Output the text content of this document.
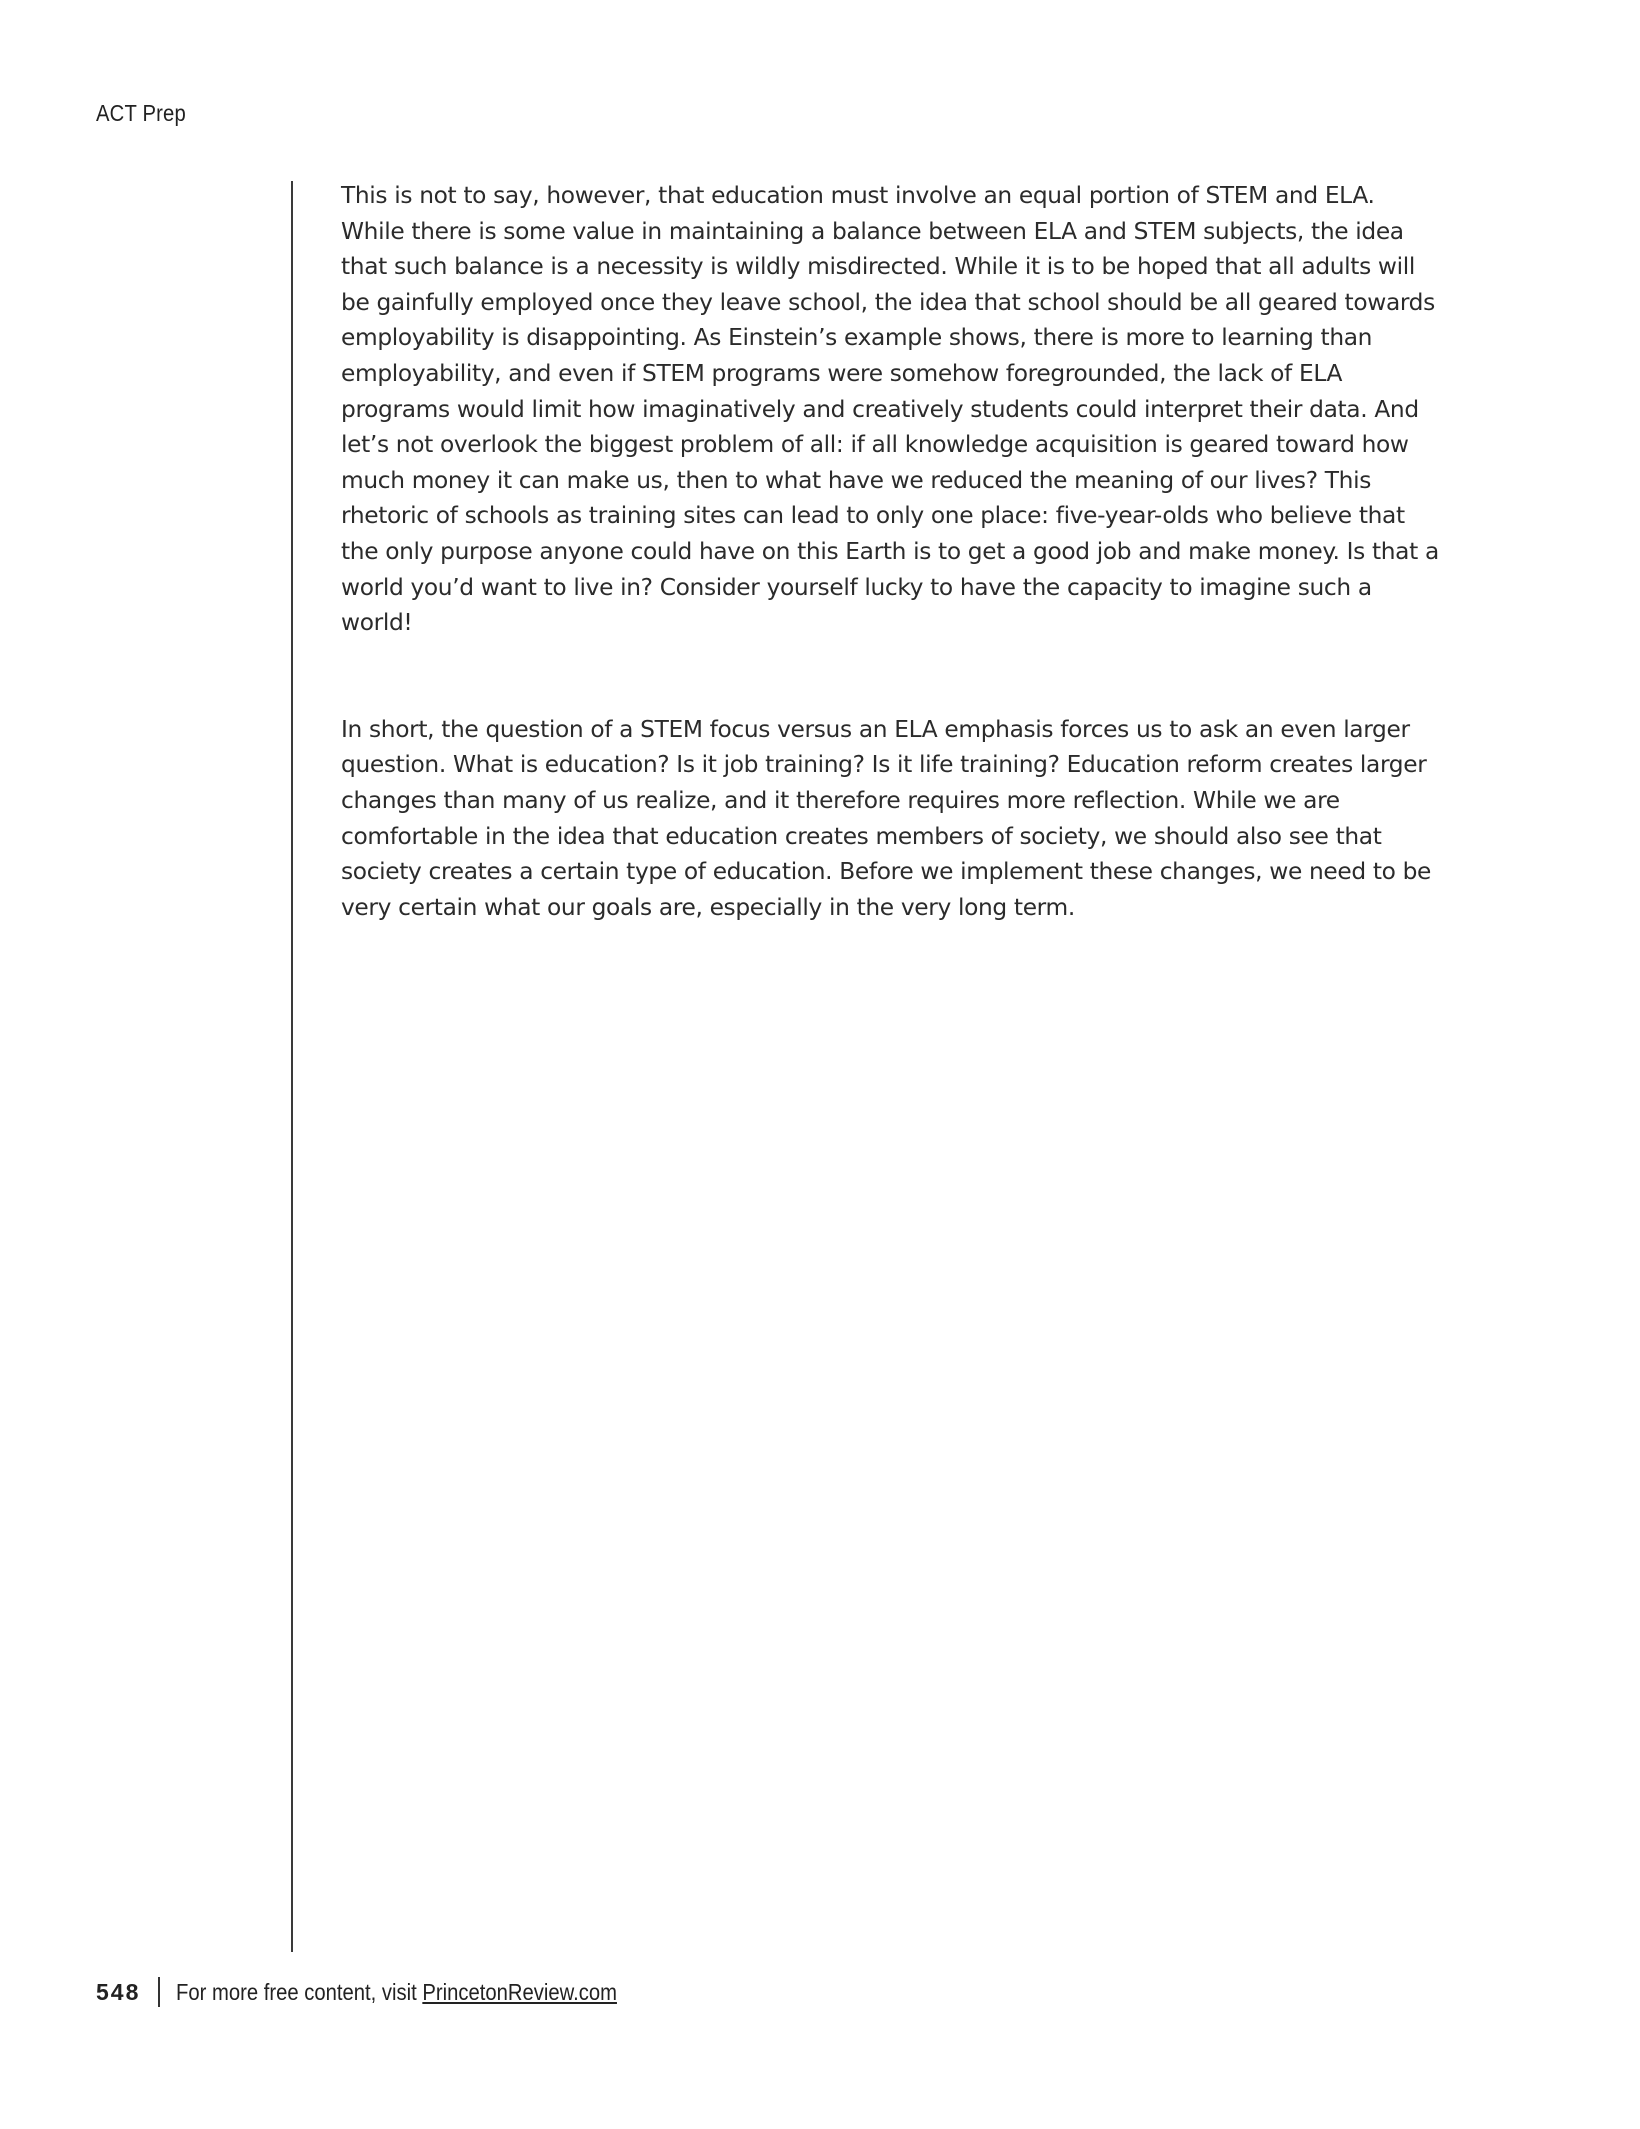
ACT Prep

This is not to say, however, that education must involve an equal portion of STEM and ELA. While there is some value in maintaining a balance between ELA and STEM subjects, the idea that such balance is a necessity is wildly misdirected. While it is to be hoped that all adults will be gainfully employed once they leave school, the idea that school should be all geared towards employability is disappointing. As Einstein’s example shows, there is more to learning than employability, and even if STEM programs were somehow foregrounded, the lack of ELA programs would limit how imaginatively and creatively students could interpret their data. And let’s not overlook the biggest problem of all: if all knowledge acquisition is geared toward how much money it can make us, then to what have we reduced the meaning of our lives? This rhetoric of schools as training sites can lead to only one place: five-year-olds who believe that the only purpose anyone could have on this Earth is to get a good job and make money. Is that a world you’d want to live in? Consider yourself lucky to have the capacity to imagine such a world!

In short, the question of a STEM focus versus an ELA emphasis forces us to ask an even larger question. What is education? Is it job training? Is it life training? Education reform creates larger changes than many of us realize, and it therefore requires more reflection. While we are comfortable in the idea that education creates members of society, we should also see that society creates a certain type of education. Before we implement these changes, we need to be very certain what our goals are, especially in the very long term.

548 For more free content, visit PrincetonReview.com
